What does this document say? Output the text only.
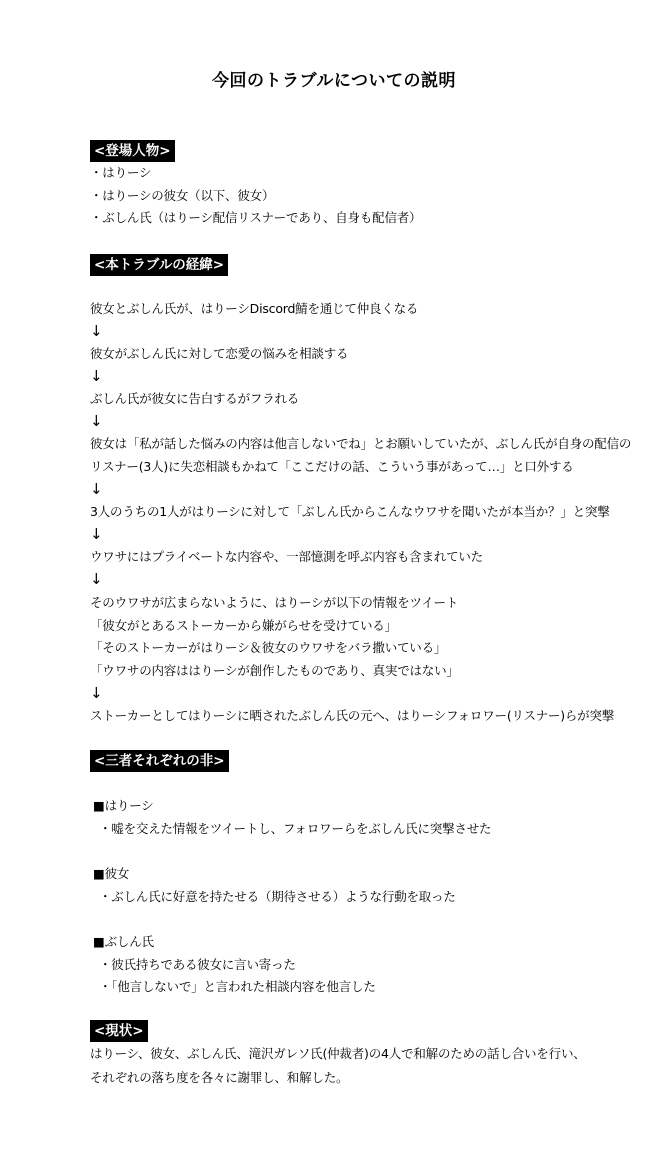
今回のトラブルについての説明
<登場人物>
・はりーシ
・はりーシの彼女（以下、彼女）
・ぶしん氏（はりーシ配信リスナーであり、自身も配信者）
<本トラブルの経緯>
彼女とぶしん氏が、はりーシDiscord鯖を通じて仲良くなる
↓
彼女がぶしん氏に対して恋愛の悩みを相談する
↓
ぶしん氏が彼女に告白するがフラれる
↓
彼女は「私が話した悩みの内容は他言しないでね」とお願いしていたが、ぶしん氏が自身の配信の
リスナー(3人)に失恋相談もかねて「ここだけの話、こういう事があって…」と口外する
↓
3人のうちの1人がはりーシに対して「ぶしん氏からこんなウワサを聞いたが本当か？」と突撃
↓
ウワサにはプライベートな内容や、一部憶測を呼ぶ内容も含まれていた
↓
そのウワサが広まらないように、はりーシが以下の情報をツイート
「彼女がとあるストーカーから嫌がらせを受けている」
「そのストーカーがはりーシ＆彼女のウワサをバラ撒いている」
「ウワサの内容ははりーシが創作したものであり、真実ではない」
↓
ストーカーとしてはりーシに晒されたぶしん氏の元へ、はりーシフォロワー(リスナー)らが突撃
<三者それぞれの非>
■はりーシ
・嘘を交えた情報をツイートし、フォロワーらをぶしん氏に突撃させた
■彼女
・ぶしん氏に好意を持たせる（期待させる）ような行動を取った
■ぶしん氏
・彼氏持ちである彼女に言い寄った
・「他言しないで」と言われた相談内容を他言した
<現状>
はりーシ、彼女、ぶしん氏、滝沢ガレソ氏(仲裁者)の4人で和解のための話し合いを行い、
それぞれの落ち度を各々に謝罪し、和解した。
